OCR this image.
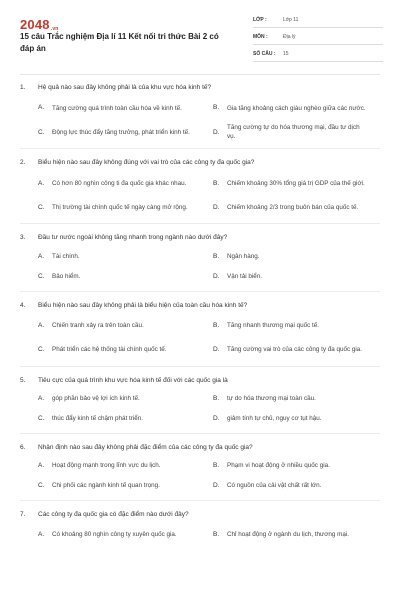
2048.vn
15 câu Trắc nghiệm Địa lí 11 Kết nối tri thức Bài 2 có đáp án
LỚP :	Lớp 11
MÔN :	Địa lý
SỐ CÂU : 15
1.	Hệ quả nào sau đây không phải là của khu vực hóa kinh tế?
A.	Tăng cường quá trình toàn cầu hóa về kinh tế.	B.	Gia tăng khoảng cách giàu nghèo giữa các nước.
C.	Động lực thúc đẩy tăng trưởng, phát triển kinh tế.	D.
Tăng cường tự do hóa thương mại, đầu tư dịch vụ.
2.	Biểu hiện nào sau đây không đúng với vai trò của các công ty đa quốc gia?
A.	Có hơn 80 nghìn công ti đa quốc gia khác nhau.	B.	Chiếm khoảng 30% tổng giá trị GDP của thế giới.
C.	Thị trường tài chính quốc tế ngày càng mở rộng.	D.	Chiếm khoảng 2/3 trong buôn bán của quốc tế.
3.	Đầu tư nước ngoài không tăng nhanh trong ngành nào dưới đây?
A.	Tài chính.	B.	Ngân hàng.
C.	Bảo hiểm.	D.	Vận tải biển.
4.	Biểu hiện nào sau đây không phải là biểu hiện của toàn cầu hóa kinh tế?
A.	Chiến tranh xảy ra trên toàn cầu.	B.	Tăng nhanh thương mại quốc tế.
C.	Phát triển các hệ thống tài chính quốc tế.	D.	Tăng cường vai trò của các công ty đa quốc gia.
5.	Tiêu cực của quá trình khu vực hóa kinh tế đối với các quốc gia là
A.	góp phần bảo vệ lợi ích kinh tế.	B.	tự do hóa thương mại toàn cầu.
C.	thúc đẩy kinh tế chậm phát triển.	D.	giảm tính tự chủ, nguy cơ tụt hậu.
6.	Nhận định nào sau đây không phải đặc điểm của các công ty đa quốc gia?
A.	Hoạt động mạnh trong lĩnh vực du lịch.	B.	Phạm vi hoạt động ở nhiều quốc gia.
C.	Chi phối các ngành kinh tế quan trọng.	D.	Có nguồn của cải vật chất rất lớn.
7.	Các công ty đa quốc gia có đặc điểm nào dưới đây?
A.	Có khoảng 80 nghìn công ty xuyên quốc gia.	B.	Chỉ hoạt động ở ngành du lịch, thương mại.
